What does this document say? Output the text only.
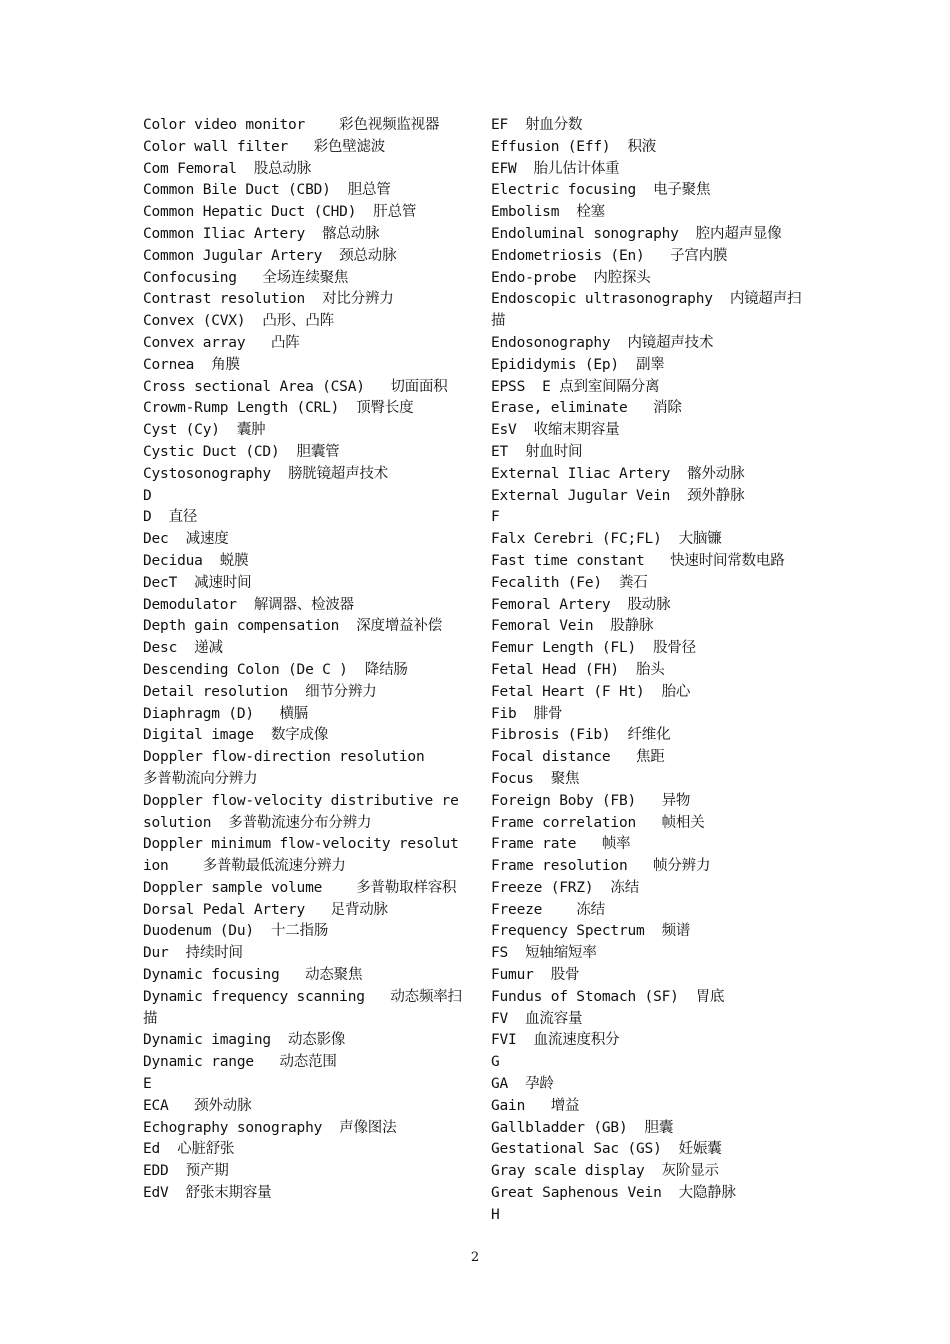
Color video monitor    彩色视频监视器
Color wall filter   彩色壁滤波
Com Femoral  股总动脉
Common Bile Duct (CBD)  胆总管
Common Hepatic Duct (CHD)  肝总管
Common Iliac Artery  髂总动脉
Common Jugular Artery  颈总动脉
Confocusing   全场连续聚焦
Contrast resolution  对比分辨力
Convex (CVX)  凸形、凸阵
Convex array   凸阵
Cornea  角膜
Cross sectional Area (CSA)   切面面积
Crowm-Rump Length (CRL)  顶臀长度
Cyst (Cy)  囊肿
Cystic Duct (CD)  胆囊管
Cystosonography  膀胱镜超声技术
D
D  直径
Dec  减速度
Decidua  蜕膜
DecT  减速时间
Demodulator  解调器、检波器
Depth gain compensation  深度增益补偿
Desc  递减
Descending Colon (De C )  降结肠
Detail resolution  细节分辨力
Diaphragm (D)   横膈
Digital image  数字成像
Doppler flow-direction resolution   多普勒流向分辨力
Doppler flow-velocity distributive resolution  多普勒流速分布分辨力
Doppler minimum flow-velocity resolution    多普勒最低流速分辨力
Doppler sample volume    多普勒取样容积
Dorsal Pedal Artery   足背动脉
Duodenum (Du)  十二指肠
Dur  持续时间
Dynamic focusing   动态聚焦
Dynamic frequency scanning   动态频率扫描
Dynamic imaging  动态影像
Dynamic range   动态范围
E
ECA   颈外动脉
Echography sonography  声像图法
Ed  心脏舒张
EDD  预产期
EdV  舒张末期容量
EF  射血分数
Effusion (Eff)  积液
EFW  胎儿估计体重
Electric focusing  电子聚焦
Embolism  栓塞
Endoluminal sonography  腔内超声显像
Endometriosis (En)   子宫内膜
Endo-probe  内腔探头
Endoscopic ultrasonography  内镜超声扫描
Endosonography  内镜超声技术
Epididymis (Ep)  副睾
EPSS  E 点到室间隔分离
Erase, eliminate   消除
EsV  收缩末期容量
ET  射血时间
External Iliac Artery  髂外动脉
External Jugular Vein  颈外静脉
F
Falx Cerebri (FC;FL)  大脑镰
Fast time constant   快速时间常数电路
Fecalith (Fe)  粪石
Femoral Artery  股动脉
Femoral Vein  股静脉
Femur Length (FL)  股骨径
Fetal Head (FH)  胎头
Fetal Heart (F Ht)  胎心
Fib  腓骨
Fibrosis (Fib)  纤维化
Focal distance   焦距
Focus  聚焦
Foreign Boby (FB)   异物
Frame correlation   帧相关
Frame rate   帧率
Frame resolution   帧分辨力
Freeze (FRZ)  冻结
Freeze    冻结
Frequency Spectrum  频谱
FS  短轴缩短率
Fumur  股骨
Fundus of Stomach (SF)  胃底
FV  血流容量
FVI  血流速度积分
G
GA  孕龄
Gain   增益
Gallbladder (GB)  胆囊
Gestational Sac (GS)  妊娠囊
Gray scale display  灰阶显示
Great Saphenous Vein  大隐静脉
H
2
